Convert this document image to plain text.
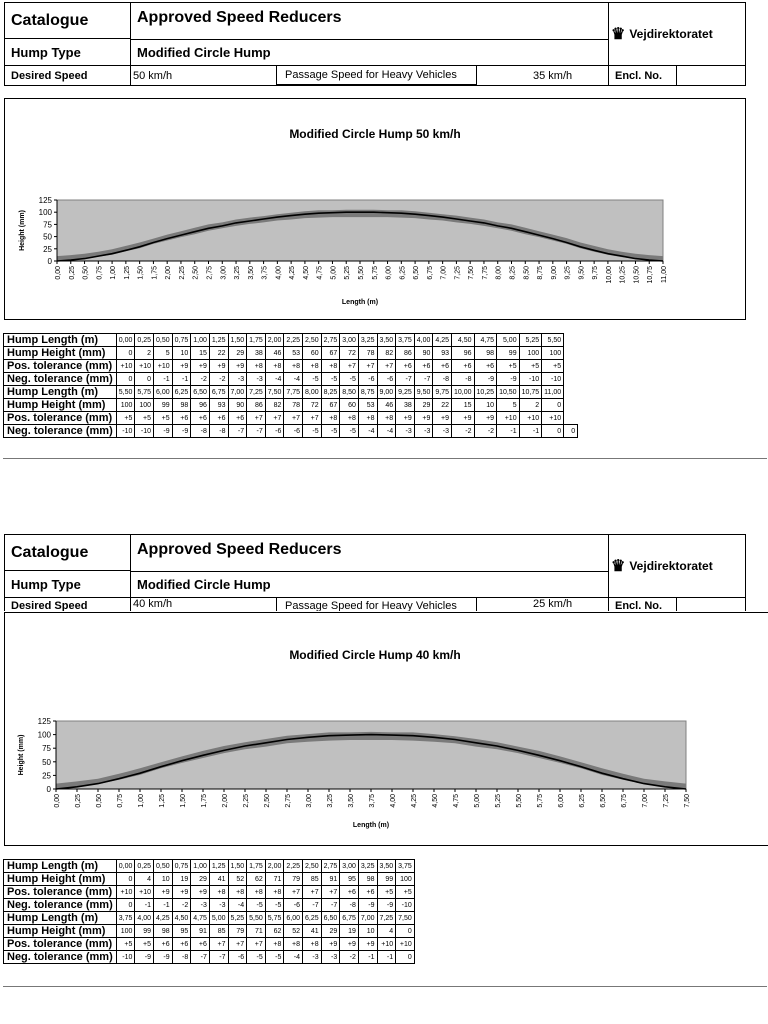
Catalogue	Approved Speed Reducers
Hump Type	Modified Circle Hump
Desired Speed	50 km/h	Passage Speed for Heavy Vehicles	35 km/h	Encl. No.
♛ Vejdirektoratet
Modified Circle Hump 50 km/h
0
25
50
75
100
125
0,00 0,25 0,50 0,75 1,00 1,25 1,50 1,75 2,00 2,25 2,50 2,75 3,00 3,25 3,50 3,75 4,00 4,25 4,50 4,75 5,00 5,25 5,50 5,75 6,00 6,25 6,50 6,75 7,00 7,25 7,50 7,75 8,00 8,25 8,50 8,75 9,00 9,25 9,50 9,75 10,00 10,25 10,50 10,75 11,00
Height (mm)
Length (m)
Hump Length (m)	0,00	0,25	0,50	0,75	1,00	1,25	1,50	1,75	2,00	2,25	2,50	2,75	3,00	3,25	3,50	3,75	4,00	4,25	4,50	4,75	5,00	5,25	5,50	
Hump Height (mm)	0	2	5	10	15	22	29	38	46	53	60	67	72	78	82	86	90	93	96	98	99	100	100	
Pos. tolerance (mm)	+10	+10	+10	+9	+9	+9	+9	+8	+8	+8	+8	+8	+7	+7	+7	+6	+6	+6	+6	+6	+5	+5	+5	
Neg. tolerance (mm)	0	0	-1	-1	-2	-2	-3	-3	-4	-4	-5	-5	-5	-6	-6	-7	-7	-8	-8	-9	-9	-10	-10	
Hump Length (m)	5,50	5,75	6,00	6,25	6,50	6,75	7,00	7,25	7,50	7,75	8,00	8,25	8,50	8,75	9,00	9,25	9,50	9,75	10,00	10,25	10,50	10,75	11,00	
Hump Height (mm)	100	100	99	98	96	93	90	86	82	78	72	67	60	53	46	38	29	22	15	10	5	2	0	
Pos. tolerance (mm)	+5	+5	+5	+6	+6	+6	+6	+7	+7	+7	+7	+8	+8	+8	+8	+9	+9	+9	+9	+9	+10	+10	+10	
Neg. tolerance (mm)	-10	-10	-9	-9	-8	-8	-7	-7	-6	-6	-5	-5	-5	-4	-4	-3	-3	-3	-2	-2	-1	-1	0	0
Catalogue	Approved Speed Reducers
Hump Type	Modified Circle Hump
Desired Speed	40 km/h	Passage Speed for Heavy Vehicles	25 km/h	Encl. No.
♛ Vejdirektoratet
Modified Circle Hump 40 km/h
0
25
50
75
100
125
0,00 0,25 0,50 0,75 1,00 1,25 1,50 1,75 2,00 2,25 2,50 2,75 3,00 3,25 3,50 3,75 4,00 4,25 4,50 4,75 5,00 5,25 5,50 5,75 6,00 6,25 6,50 6,75 7,00 7,25 7,50
Height (mm)
Length (m)
Hump Length (m)	0,00	0,25	0,50	0,75	1,00	1,25	1,50	1,75	2,00	2,25	2,50	2,75	3,00	3,25	3,50	3,75
Hump Height (mm)	0	4	10	19	29	41	52	62	71	79	85	91	95	98	99	100
Pos. tolerance (mm)	+10	+10	+9	+9	+9	+8	+8	+8	+8	+7	+7	+7	+6	+6	+5	+5
Neg. tolerance (mm)	0	-1	-1	-2	-3	-3	-4	-5	-5	-6	-7	-7	-8	-9	-9	-10
Hump Length (m)	3,75	4,00	4,25	4,50	4,75	5,00	5,25	5,50	5,75	6,00	6,25	6,50	6,75	7,00	7,25	7,50
Hump Height (mm)	100	99	98	95	91	85	79	71	62	52	41	29	19	10	4	0
Pos. tolerance (mm)	+5	+5	+6	+6	+6	+7	+7	+7	+8	+8	+8	+9	+9	+9	+10	+10
Neg. tolerance (mm)	-10	-9	-9	-8	-7	-7	-6	-5	-5	-4	-3	-3	-2	-1	-1	0
